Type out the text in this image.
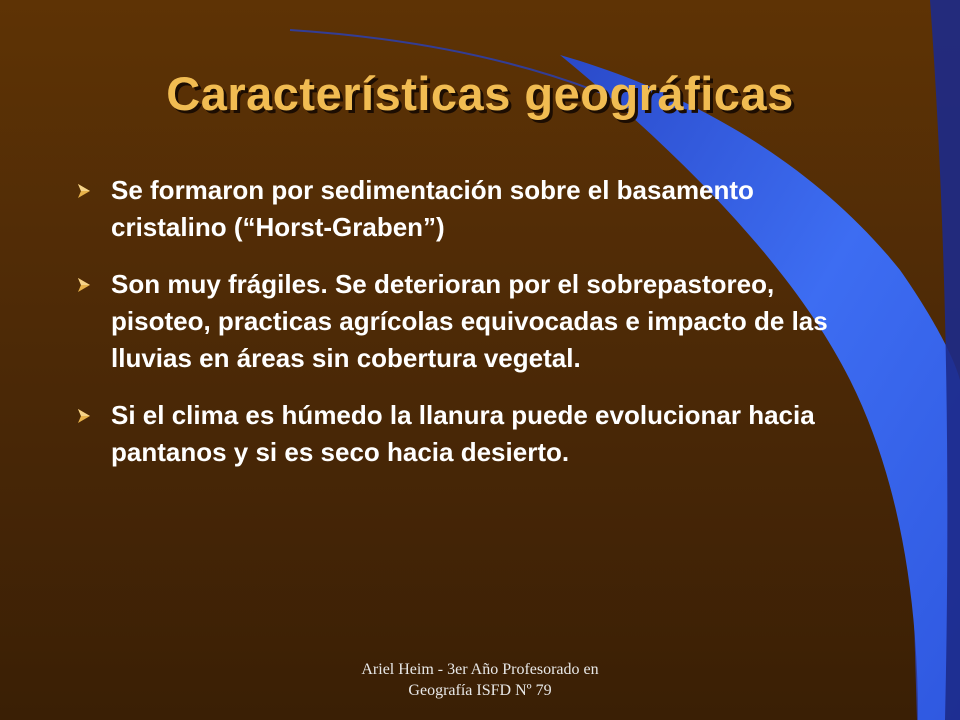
Características geográficas
Se formaron por sedimentación sobre el basamento cristalino (“Horst-Graben”)
Son muy frágiles. Se deterioran por el sobrepastoreo, pisoteo, practicas agrícolas equivocadas e impacto de las lluvias en áreas sin cobertura vegetal.
Si el clima es húmedo la llanura puede evolucionar hacia pantanos y si es seco hacia desierto.
Ariel Heim - 3er Año Profesorado en
Geografía ISFD Nº 79
